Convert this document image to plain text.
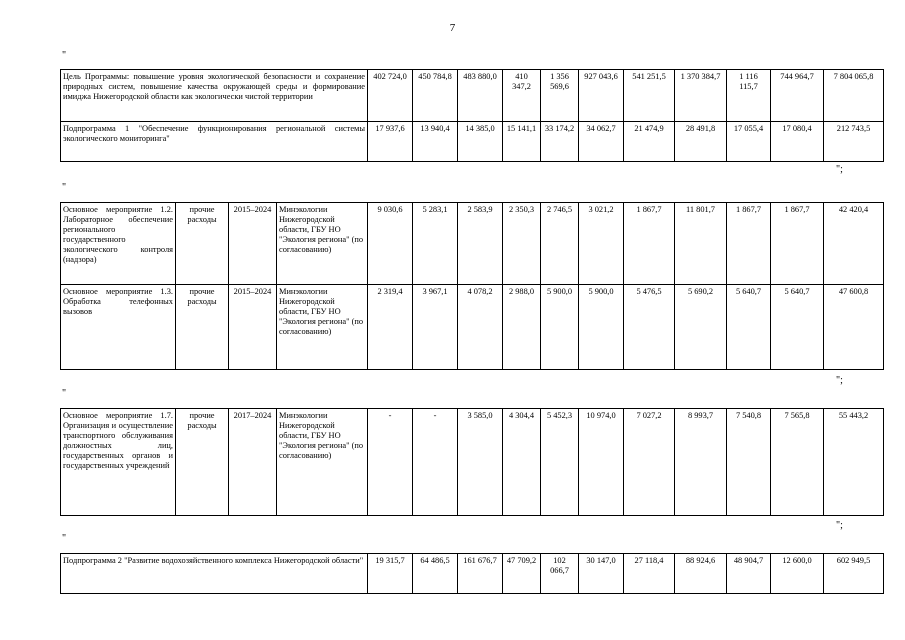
7
"
Цель Программы: повышение уровня экологической безопасности и сохранение природных систем, повышение качества окружающей среды и формирование имиджа Нижегородской области как экологически чистой территории	402 724,0	450 784,8	483 880,0	410 347,2	1 356 569,6	927 043,6	541 251,5	1 370 384,7	1 116 115,7	744 964,7	7 804 065,8
Подпрограмма 1 "Обеспечение функционирования региональной системы экологического мониторинга"	17 937,6	13 940,4	14 385,0	15 141,1	33 174,2	34 062,7	21 474,9	28 491,8	17 055,4	17 080,4	212 743,5
";
"
Основное мероприятие 1.2. Лабораторное обеспечение регионального государственного экологического контроля (надзора)	прочие расходы	2015–2024	Минэкологии Нижегородской области, ГБУ НО "Экология региона" (по согласованию)	9 030,6	5 283,1	2 583,9	2 350,3	2 746,5	3 021,2	1 867,7	11 801,7	1 867,7	1 867,7	42 420,4
Основное мероприятие 1.3. Обработка телефонных вызовов	прочие расходы	2015–2024	Минэкологии Нижегородской области, ГБУ НО "Экология региона" (по согласованию)	2 319,4	3 967,1	4 078,2	2 988,0	5 900,0	5 900,0	5 476,5	5 690,2	5 640,7	5 640,7	47 600,8
";
"
Основное мероприятие 1.7. Организация и осуществление транспортного обслуживания должностных лиц, государственных органов и государственных учреждений	прочие расходы	2017–2024	Минэкологии Нижегородской области, ГБУ НО "Экология региона" (по согласованию)	-	-	3 585,0	4 304,4	5 452,3	10 974,0	7 027,2	8 993,7	7 540,8	7 565,8	55 443,2
";
"
Подпрограмма 2 "Развитие водохозяйственного комплекса Нижегородской области"	19 315,7	64 486,5	161 676,7	47 709,2	102 066,7	30 147,0	27 118,4	88 924,6	48 904,7	12 600,0	602 949,5
